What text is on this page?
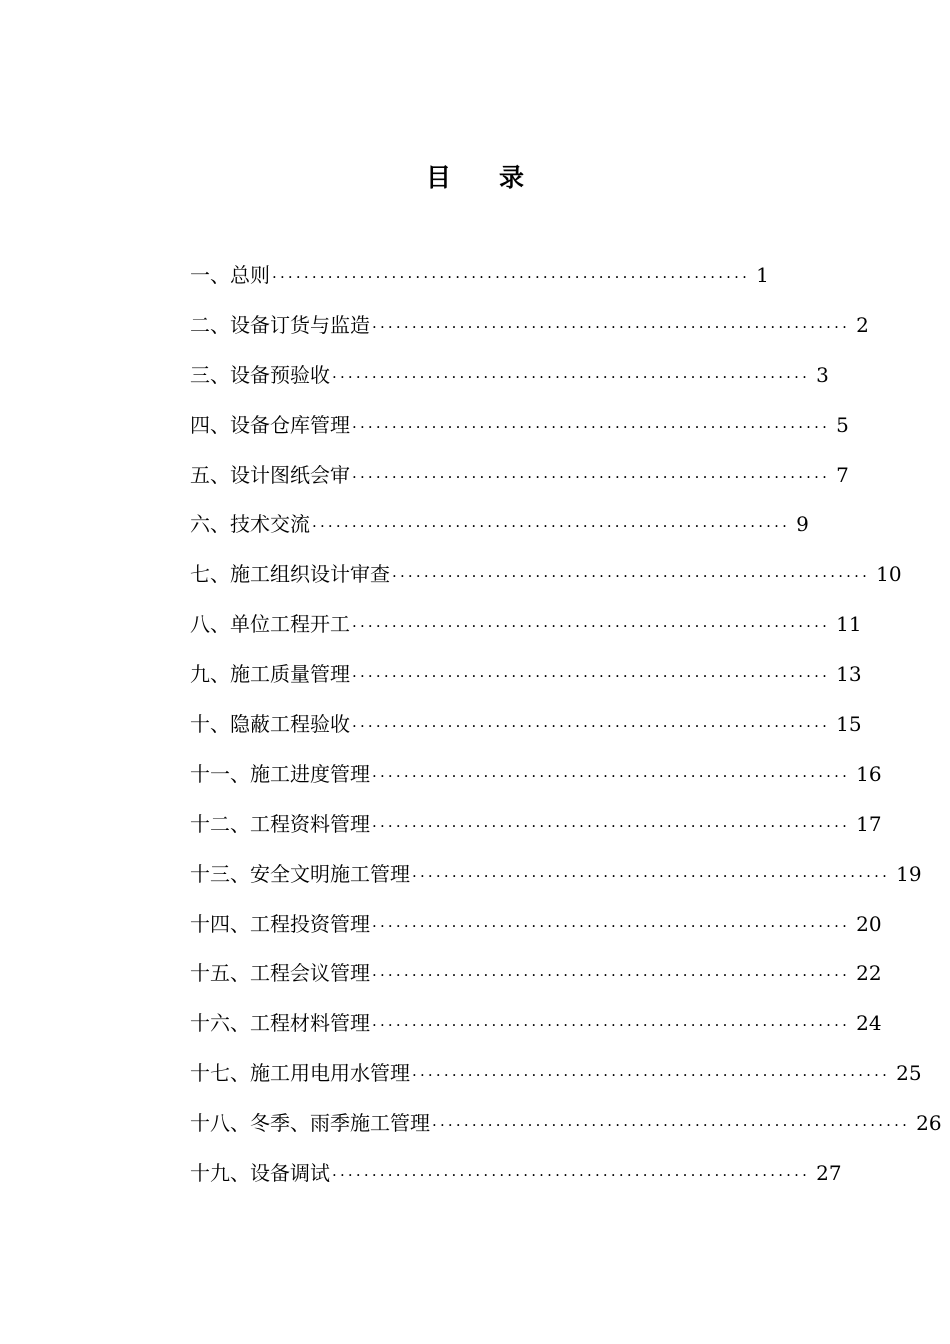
目 录
一、总则 ···························································· 1
二、设备订货与监造 ···························································· 2
三、设备预验收 ···························································· 3
四、设备仓库管理 ···························································· 5
五、设计图纸会审 ···························································· 7
六、技术交流 ···························································· 9
七、施工组织设计审查 ···························································· 10
八、单位工程开工 ···························································· 11
九、施工质量管理 ···························································· 13
十、隐蔽工程验收 ···························································· 15
十一、施工进度管理 ···························································· 16
十二、工程资料管理 ···························································· 17
十三、安全文明施工管理 ···························································· 19
十四、工程投资管理 ···························································· 20
十五、工程会议管理 ···························································· 22
十六、工程材料管理 ···························································· 24
十七、施工用电用水管理 ···························································· 25
十八、冬季、雨季施工管理 ···························································· 26
十九、设备调试 ···························································· 27
